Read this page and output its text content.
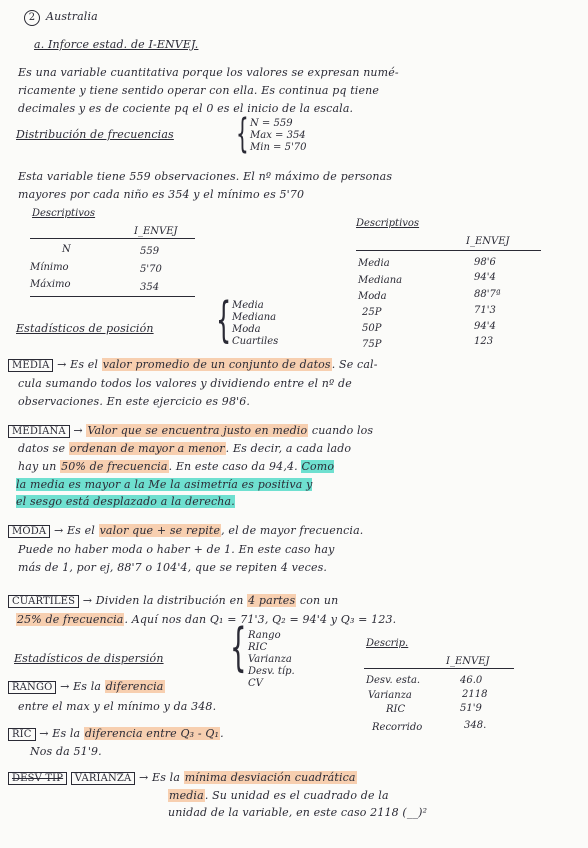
2 Australia
a. Inforce estad. de I-ENVEJ.
Es una variable cuantitativa porque los valores se expresan numé-
ricamente y tiene sentido operar con ella. Es continua pq tiene
decimales y es de cociente pq el 0 es el inicio de la escala.
Distribución de frecuencias { N = 559
Max = 354
Min = 5'70
Esta variable tiene 559 observaciones. El nº máximo de personas
mayores por cada niño es 354 y el mínimo es 5'70
Descriptivos
I_ENVEJ
N	559
Mínimo	5'70
Máximo	354
Descriptivos
I_ENVEJ
Media	98'6
Mediana	94'4
Moda	88'7ª
25P	71'3
50P	94'4
75P	123
Estadísticos de posición { Media
Mediana
Moda
Cuartiles
MEDIA → Es el valor promedio de un conjunto de datos. Se cal-
cula sumando todos los valores y dividiendo entre el nº de
observaciones. En este ejercicio es 98'6.
MEDIANA → Valor que se encuentra justo en medio cuando los
datos se ordenan de mayor a menor. Es decir, a cada lado
hay un 50% de frecuencia. En este caso da 94,4. Como
la media es mayor a la Me la asimetría es positiva y
el sesgo está desplazado a la derecha.
MODA → Es el valor que + se repite, el de mayor frecuencia.
Puede no haber moda o haber + de 1. En este caso hay
más de 1, por ej, 88'7 o 104'4, que se repiten 4 veces.
CUARTILES → Dividen la distribución en 4 partes con un
25% de frecuencia. Aquí nos dan Q₁ = 71'3, Q₂ = 94'4 y Q₃ = 123.
Estadísticos de dispersión { Rango
RIC
Varianza
Desv. típ.
CV
Descrip.
I_ENVEJ
Desv. esta.	46.0
Varianza	2118
RIC	51'9
Recorrido	348.
RANGO → Es la diferencia
entre el max y el mínimo y da 348.
RIC → Es la diferencia entre Q₃ - Q₁.
Nos da 51'9.
DESV TIP VARIANZA → Es la mínima desviación cuadrática
media. Su unidad es el cuadrado de la
unidad de la variable, en este caso 2118 (__)²
